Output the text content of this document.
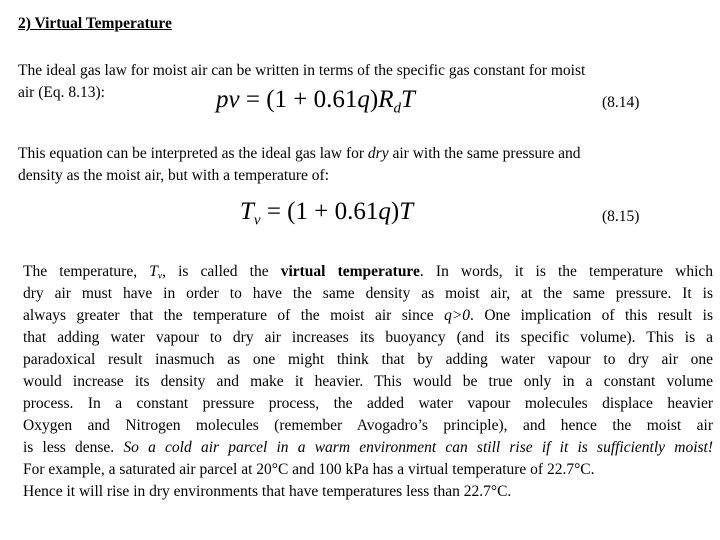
2) Virtual Temperature
The ideal gas law for moist air can be written in terms of the specific gas constant for moist
air (Eq. 8.13):	pv = $(1 + 0.61q)R_dT$	(8.14)
This equation can be interpreted as the ideal gas law for dry air with the same pressure and
density as the moist air, but with a temperature of:
$T_v = (1 + 0.61q)T$	(8.15)
The temperature, $T_v$, is called the virtual temperature. In words, it is the temperature which
dry air must have in order to have the same density as moist air, at the same pressure. It is
always greater that the temperature of the moist air since q>0. One implication of this result is
that adding water vapour to dry air increases its buoyancy (and its specific volume). This is a
paradoxical result inasmuch as one might think that by adding water vapour to dry air one
would increase its density and make it heavier. This would be true only in a constant volume
process. In a constant pressure process, the added water vapour molecules displace heavier
Oxygen and Nitrogen molecules (remember Avogadro’s principle), and hence the moist air
is less dense. So a cold air parcel in a warm environment can still rise if it is sufficiently moist!
For example, a saturated air parcel at 20°C and 100 kPa has a virtual temperature of 22.7°C.
Hence it will rise in dry environments that have temperatures less than 22.7°C.
